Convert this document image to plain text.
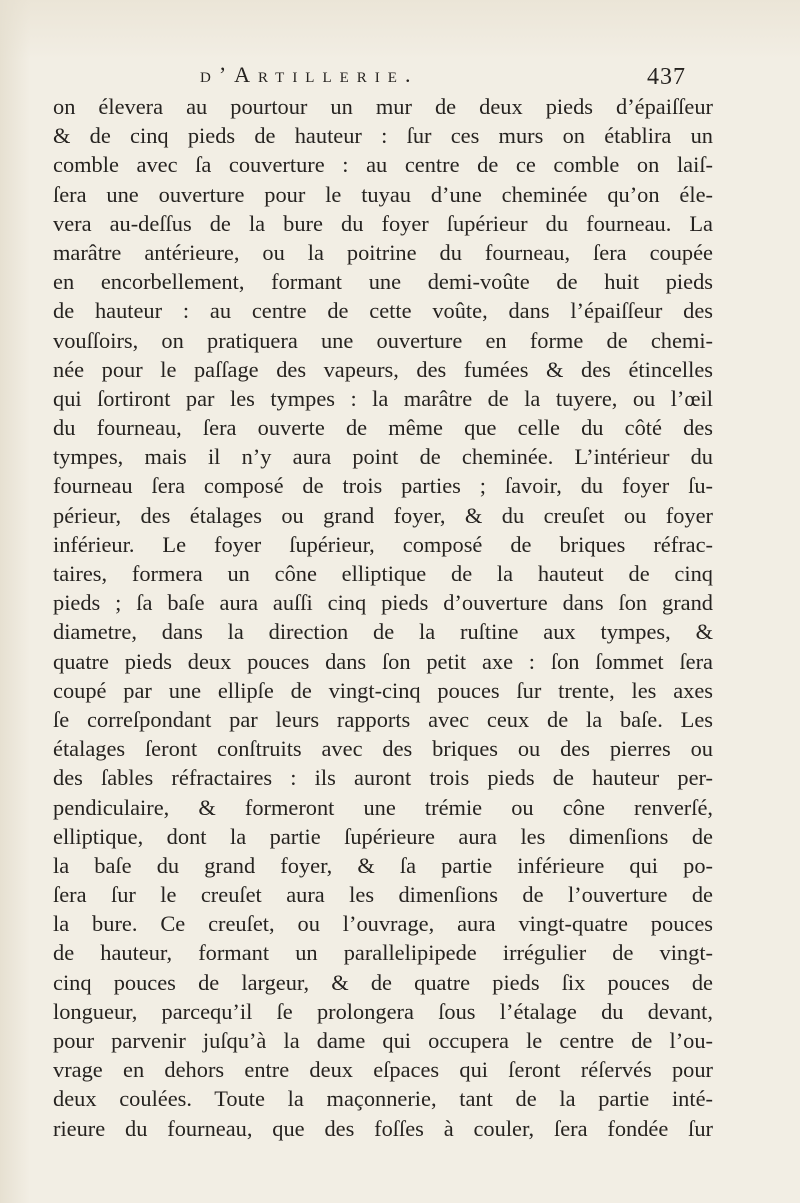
d’Artillerie.	437
on élevera au pourtour un mur de deux pieds d’épaiſſeur
& de cinq pieds de hauteur : ſur ces murs on établira un
comble avec ſa couverture : au centre de ce comble on laiſ-
ſera une ouverture pour le tuyau d’une cheminée qu’on éle-
vera au-deſſus de la bure du foyer ſupérieur du fourneau. La
marâtre antérieure, ou la poitrine du fourneau, ſera coupée
en encorbellement, formant une demi-voûte de huit pieds
de hauteur : au centre de cette voûte, dans l’épaiſſeur des
vouſſoirs, on pratiquera une ouverture en forme de chemi-
née pour le paſſage des vapeurs, des fumées & des étincelles
qui ſortiront par les tympes : la marâtre de la tuyere, ou l’œil
du fourneau, ſera ouverte de même que celle du côté des
tympes, mais il n’y aura point de cheminée. L’intérieur du
fourneau ſera composé de trois parties ; ſavoir, du foyer ſu-
périeur, des étalages ou grand foyer, & du creuſet ou foyer
inférieur. Le foyer ſupérieur, composé de briques réfrac-
taires, formera un cône elliptique de la hauteut de cinq
pieds ; ſa baſe aura auſſi cinq pieds d’ouverture dans ſon grand
diametre, dans la direction de la ruſtine aux tympes, &
quatre pieds deux pouces dans ſon petit axe : ſon ſommet ſera
coupé par une ellipſe de vingt-cinq pouces ſur trente, les axes
ſe correſpondant par leurs rapports avec ceux de la baſe. Les
étalages ſeront conſtruits avec des briques ou des pierres ou
des ſables réfractaires : ils auront trois pieds de hauteur per-
pendiculaire, & formeront une trémie ou cône renverſé,
elliptique, dont la partie ſupérieure aura les dimenſions de
la baſe du grand foyer, & ſa partie inférieure qui po-
ſera ſur le creuſet aura les dimenſions de l’ouverture de
la bure. Ce creuſet, ou l’ouvrage, aura vingt-quatre pouces
de hauteur, formant un parallelipipede irrégulier de vingt-
cinq pouces de largeur, & de quatre pieds ſix pouces de
longueur, parcequ’il ſe prolongera ſous l’étalage du devant,
pour parvenir juſqu’à la dame qui occupera le centre de l’ou-
vrage en dehors entre deux eſpaces qui ſeront réſervés pour
deux coulées. Toute la maçonnerie, tant de la partie inté-
rieure du fourneau, que des foſſes à couler, ſera fondée ſur
